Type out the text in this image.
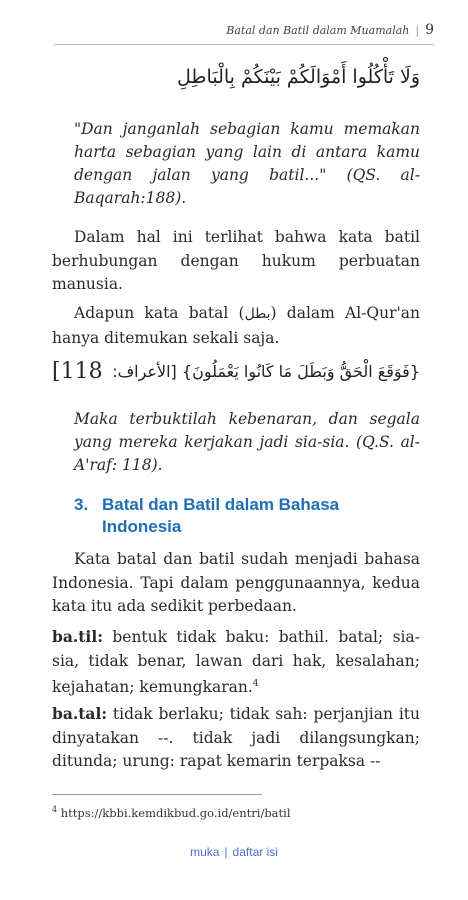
Batal dan Batil dalam Muamalah | 9
وَلَا تَأْكُلُوا أَمْوَالَكُمْ بَيْنَكُمْ بِالْبَاطِلِ
"Dan janganlah sebagian kamu memakan harta sebagian yang lain di antara kamu dengan jalan yang batil..." (QS. al-Baqarah:188).
Dalam hal ini terlihat bahwa kata batil berhubungan dengan hukum perbuatan manusia.
Adapun kata batal (بطل) dalam Al-Qur'an hanya ditemukan sekali saja.
[118 {فَوَقَعَ الْحَقُّ وَبَطَلَ مَا كَانُوا يَعْمَلُونَ} [الأعراف:
Maka terbuktilah kebenaran, dan segala yang mereka kerjakan jadi sia-sia. (Q.S. al-A'raf: 118).
3. Batal dan Batil dalam Bahasa
Indonesia
Kata batal dan batil sudah menjadi bahasa Indonesia. Tapi dalam penggunaannya, kedua kata itu ada sedikit perbedaan.
ba.til: bentuk tidak baku: bathil. batal; sia-sia, tidak benar, lawan dari hak, kesalahan; kejahatan; kemungkaran.$^4$
ba.tal: tidak berlaku; tidak sah: perjanjian itu dinyatakan --. tidak jadi dilangsungkan; ditunda; urung: rapat kemarin terpaksa --
$^4$ https://kbbi.kemdikbud.go.id/entri/batil
muka | daftar isi
